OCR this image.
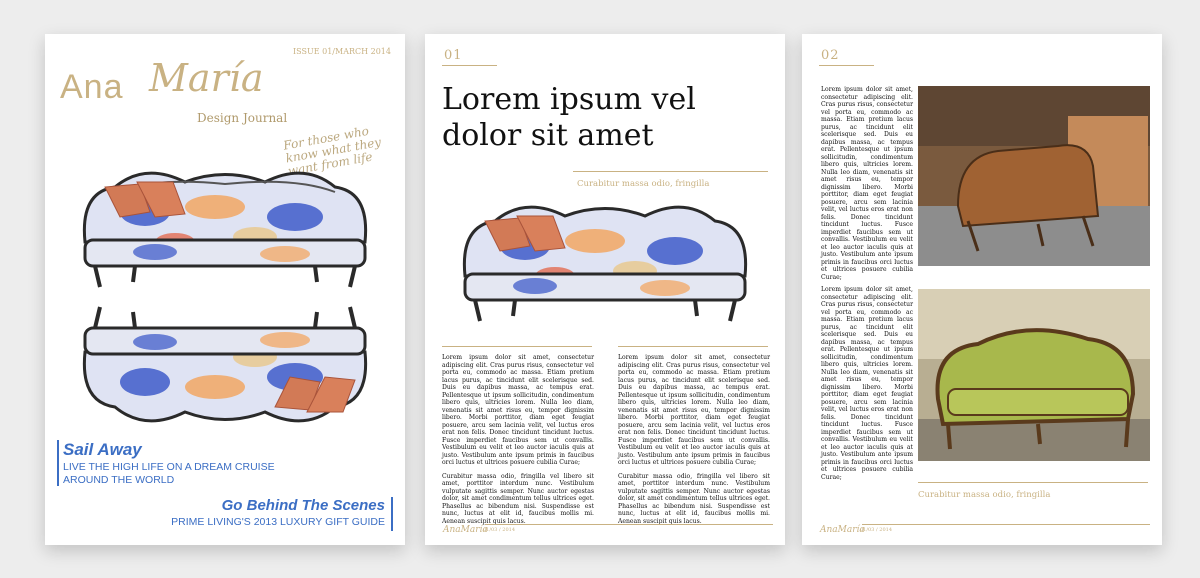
ISSUE 01/MARCH 2014
Ana María
Design Journal
For those who know what they want from life
Sail Away
LIVE THE HIGH LIFE ON A DREAM CRUISE AROUND THE WORLD
Go Behind The Scenes
PRIME LIVING'S 2013 LUXURY GIFT GUIDE
01
Lorem ipsum vel dolor sit amet
Curabitur massa odio, fringilla

Lorem ipsum dolor sit amet, consectetur adipiscing elit. Cras purus risus, consectetur vel porta eu, commodo ac massa. Etiam pretium lacus purus, ac tincidunt elit scelerisque sed. Duis eu dapibus massa, ac tempus erat. Pellentesque ut ipsum sollicitudin, condimentum libero quis, ultricies lorem. Nulla leo diam, venenatis sit amet risus eu, tempor dignissim libero. Morbi porttitor, diam eget feugiat posuere, arcu sem lacinia velit, vel luctus eros erat non felis. Donec tincidunt tincidunt luctus. Fusce imperdiet faucibus sem ut convallis. Vestibulum eu velit et leo auctor iaculis quis at justo. Vestibulum ante ipsum primis in faucibus orci luctus et ultrices posuere cubilia Curae;

Curabitur massa odio, fringilla vel libero sit amet, porttitor interdum nunc. Vestibulum vulputate sagittis semper. Nunc auctor egestas dolor, sit amet condimentum tellus ultrices eget. Phasellus ac bibendum nisi. Suspendisse est nunc, luctus at elit id, faucibus mollis mi. Aenean suscipit quis lacus.

Lorem ipsum dolor sit amet, consectetur adipiscing elit. Cras purus risus, consectetur vel porta eu, commodo ac massa. Etiam pretium lacus purus, ac tincidunt elit scelerisque sed. Duis eu dapibus massa, ac tempus erat. Pellentesque ut ipsum sollicitudin, condimentum libero quis, ultricies lorem. Nulla leo diam, venenatis sit amet risus eu, tempor dignissim libero. Morbi porttitor, diam eget feugiat posuere, arcu sem lacinia velit, vel luctus eros erat non felis. Donec tincidunt tincidunt luctus. Fusce imperdiet faucibus sem ut convallis. Vestibulum eu velit et leo auctor iaculis quis at justo. Vestibulum ante ipsum primis in faucibus orci luctus et ultrices posuere cubilia Curae;

Curabitur massa odio, fringilla vel libero sit amet, porttitor interdum nunc. Vestibulum vulputate sagittis semper. Nunc auctor egestas dolor, sit amet condimentum tellus ultrices eget. Phasellus ac bibendum nisi. Suspendisse est nunc, luctus at elit id, faucibus mollis mi. Aenean suscipit quis lacus.

AnaMaría
01/03 / 2014
02

Lorem ipsum dolor sit amet, consectetur adipiscing elit. Cras purus risus, consectetur vel porta eu, commodo ac massa. Etiam pretium lacus purus, ac tincidunt elit scelerisque sed. Duis eu dapibus massa, ac tempus erat. Pellentesque ut ipsum sollicitudin, condimentum libero quis, ultricies lorem. Nulla leo diam, venenatis sit amet risus eu, tempor dignissim libero. Morbi porttitor, diam eget feugiat posuere, arcu sem lacinia velit, vel luctus eros erat non felis. Donec tincidunt tincidunt luctus. Fusce imperdiet faucibus sem ut convallis. Vestibulum eu velit et leo auctor iaculis quis at justo. Vestibulum ante ipsum primis in faucibus orci luctus et ultrices posuere cubilia Curae;

Lorem ipsum dolor sit amet, consectetur adipiscing elit. Cras purus risus, consectetur vel porta eu, commodo ac massa. Etiam pretium lacus purus, ac tincidunt elit scelerisque sed. Duis eu dapibus massa, ac tempus erat. Pellentesque ut ipsum sollicitudin, condimentum libero quis, ultricies lorem. Nulla leo diam, venenatis sit amet risus eu, tempor dignissim libero. Morbi porttitor, diam eget feugiat posuere, arcu sem lacinia velit, vel luctus eros erat non felis. Donec tincidunt tincidunt luctus. Fusce imperdiet faucibus sem ut convallis. Vestibulum eu velit et leo auctor iaculis quis at justo. Vestibulum ante ipsum primis in faucibus orci luctus et ultrices posuere cubilia Curae;

Curabitur massa odio, fringilla
AnaMaría
01/03 / 2014
